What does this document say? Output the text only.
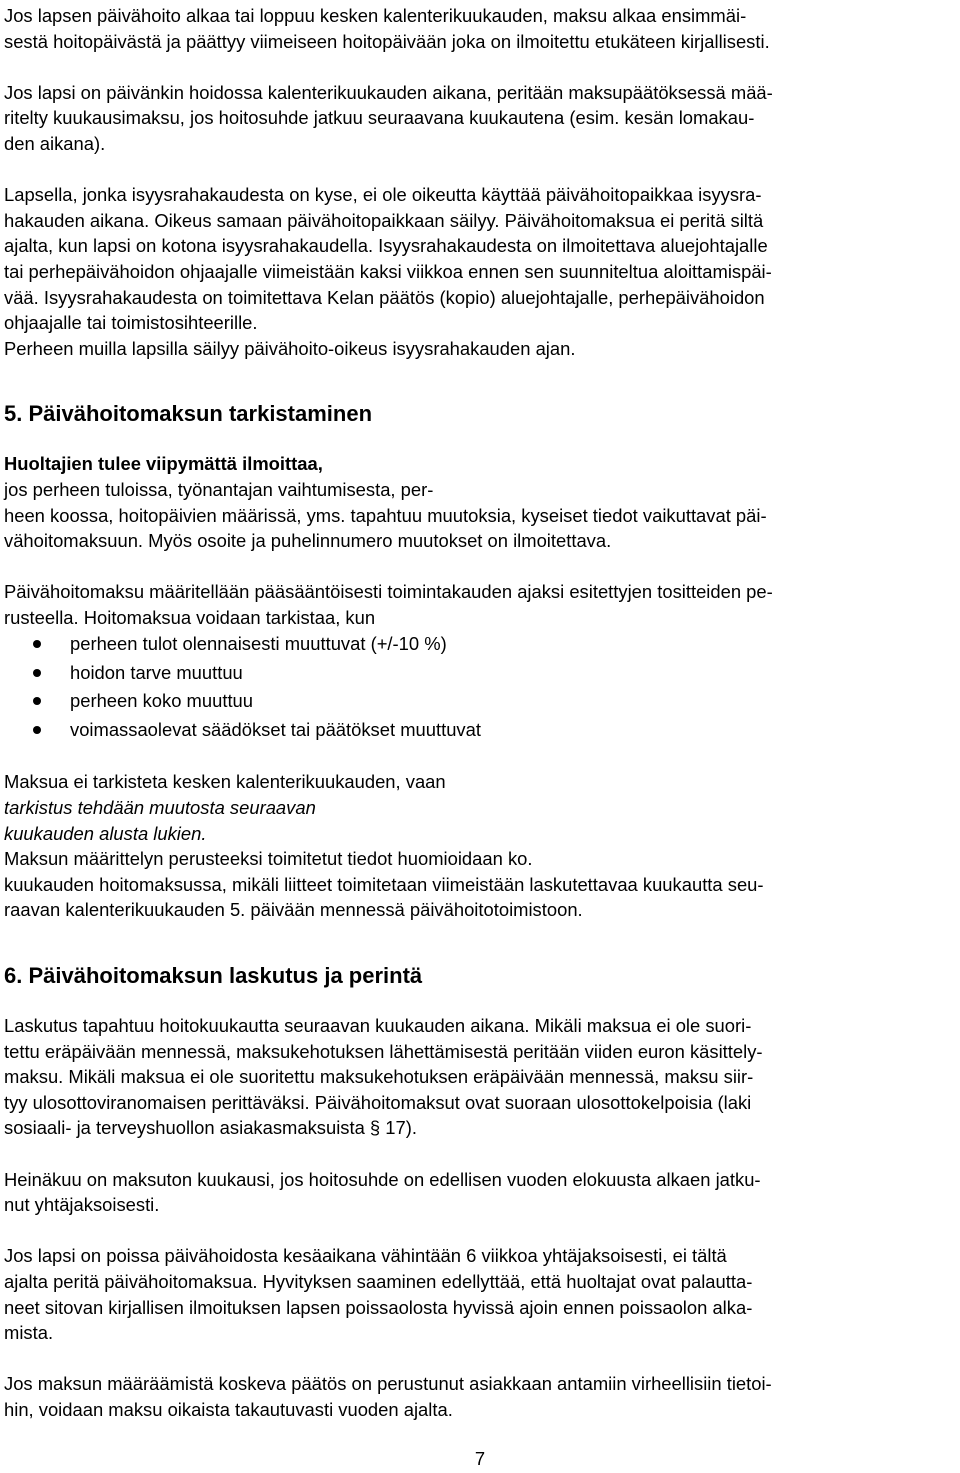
Jos lapsen päivähoito alkaa tai loppuu kesken kalenterikuukauden, maksu alkaa ensimmäi-
sestä hoitopäivästä ja päättyy viimeiseen hoitopäivään joka on ilmoitettu etukäteen kirjallisesti.

Jos lapsi on päivänkin hoidossa kalenterikuukauden aikana, peritään maksupäätöksessä mää-
ritelty kuukausimaksu, jos hoitosuhde jatkuu seuraavana kuukautena (esim. kesän lomakau-
den aikana).

Lapsella, jonka isyysrahakaudesta on kyse, ei ole oikeutta käyttää päivähoitopaikkaa isyysra-
hakauden aikana. Oikeus samaan päivähoitopaikkaan säilyy. Päivähoitomaksua ei peritä siltä
ajalta, kun lapsi on kotona isyysrahakaudella. Isyysrahakaudesta on ilmoitettava aluejohtajalle
tai perhepäivähoidon ohjaajalle viimeistään kaksi viikkoa ennen sen suunniteltua aloittamispäi-
vää. Isyysrahakaudesta on toimitettava Kelan päätös (kopio) aluejohtajalle, perhepäivähoidon
ohjaajalle tai toimistosihteerille.
Perheen muilla lapsilla säilyy päivähoito-oikeus isyysrahakauden ajan.

5. Päivähoitomaksun tarkistaminen

Huoltajien tulee viipymättä ilmoittaa,
jos perheen tuloissa, työnantajan vaihtumisesta, per-
heen koossa, hoitopäivien määrissä, yms. tapahtuu muutoksia, kyseiset tiedot vaikuttavat päi-
vähoitomaksuun. Myös osoite ja puhelinnumero muutokset on ilmoitettava.

Päivähoitomaksu määritellään pääsääntöisesti toimintakauden ajaksi esitettyjen tositteiden pe-
rusteella. Hoitomaksua voidaan tarkistaa, kun

perheen tulot olennaisesti muuttuvat (+/-10 %)
hoidon tarve muuttuu
perheen koko muuttuu
voimassaolevat säädökset tai päätökset muuttuvat

Maksua ei tarkisteta kesken kalenterikuukauden, vaan
tarkistus tehdään muutosta seuraavan
kuukauden alusta lukien.
Maksun määrittelyn perusteeksi toimitetut tiedot huomioidaan ko.
kuukauden hoitomaksussa, mikäli liitteet toimitetaan viimeistään laskutettavaa kuukautta seu-
raavan kalenterikuukauden 5. päivään mennessä päivähoitotoimistoon.

6. Päivähoitomaksun laskutus ja perintä

Laskutus tapahtuu hoitokuukautta seuraavan kuukauden aikana. Mikäli maksua ei ole suori-
tettu eräpäivään mennessä, maksukehotuksen lähettämisestä peritään viiden euron käsittely-
maksu. Mikäli maksua ei ole suoritettu maksukehotuksen eräpäivään mennessä, maksu siir-
tyy ulosottoviranomaisen perittäväksi. Päivähoitomaksut ovat suoraan ulosottokelpoisia (laki
sosiaali- ja terveyshuollon asiakasmaksuista § 17).

Heinäkuu on maksuton kuukausi, jos hoitosuhde on edellisen vuoden elokuusta alkaen jatku-
nut yhtäjaksoisesti.

Jos lapsi on poissa päivähoidosta kesäaikana vähintään 6 viikkoa yhtäjaksoisesti, ei tältä
ajalta peritä päivähoitomaksua. Hyvityksen saaminen edellyttää, että huoltajat ovat palautta-
neet sitovan kirjallisen ilmoituksen lapsen poissaolosta hyvissä ajoin ennen poissaolon alka-
mista.

Jos maksun määräämistä koskeva päätös on perustunut asiakkaan antamiin virheellisiin tietoi-
hin, voidaan maksu oikaista takautuvasti vuoden ajalta.

7
